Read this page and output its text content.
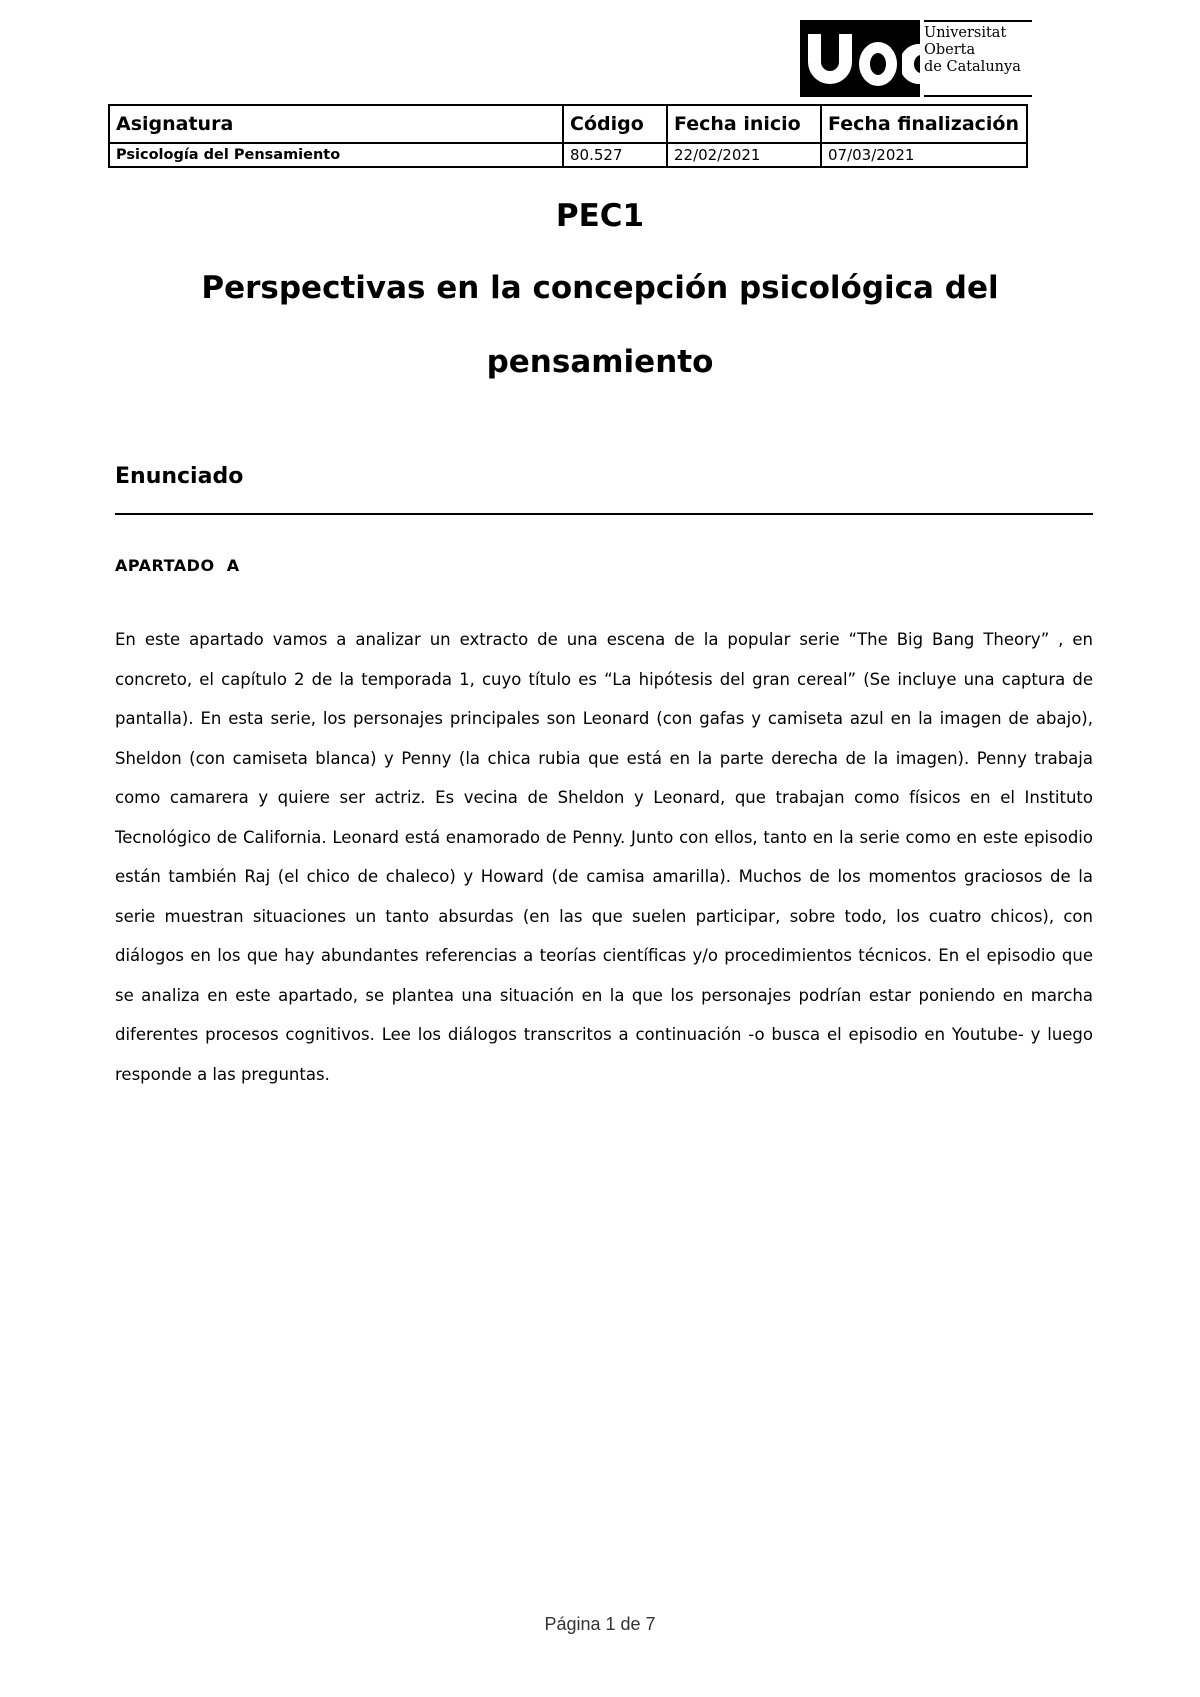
Universitat
Oberta
de Catalunya
Asignatura	Código	Fecha inicio	Fecha finalización
Psicología del Pensamiento	80.527	22/02/2021	07/03/2021
PEC1
Perspectivas en la concepción psicológica del
pensamiento
Enunciado
APARTADO  A

En este apartado vamos a analizar un extracto de una escena de la popular serie “The Big Bang Theory” , en concreto, el capítulo 2 de la temporada 1, cuyo título es “La hipótesis del gran cereal” (Se incluye una captura de pantalla). En esta serie, los personajes principales son Leonard (con gafas y camiseta azul en la imagen de abajo), Sheldon (con camiseta blanca) y Penny (la chica rubia que está en la parte derecha de la imagen). Penny trabaja como camarera y quiere ser actriz. Es vecina de Sheldon y Leonard, que trabajan como físicos en el Instituto Tecnológico de California. Leonard está enamorado de Penny. Junto con ellos, tanto en la serie como en este episodio están también Raj (el chico de chaleco) y Howard (de camisa amarilla). Muchos de los momentos graciosos de la serie muestran situaciones un tanto absurdas (en las que suelen participar, sobre todo, los cuatro chicos), con diálogos en los que hay abundantes referencias a teorías científicas y/o procedimientos técnicos. En el episodio que se analiza en este apartado, se plantea una situación en la que los personajes podrían estar poniendo en marcha diferentes procesos cognitivos. Lee los diálogos transcritos a continuación -o busca el episodio en Youtube- y luego responde a las preguntas.

Página 1 de 7
